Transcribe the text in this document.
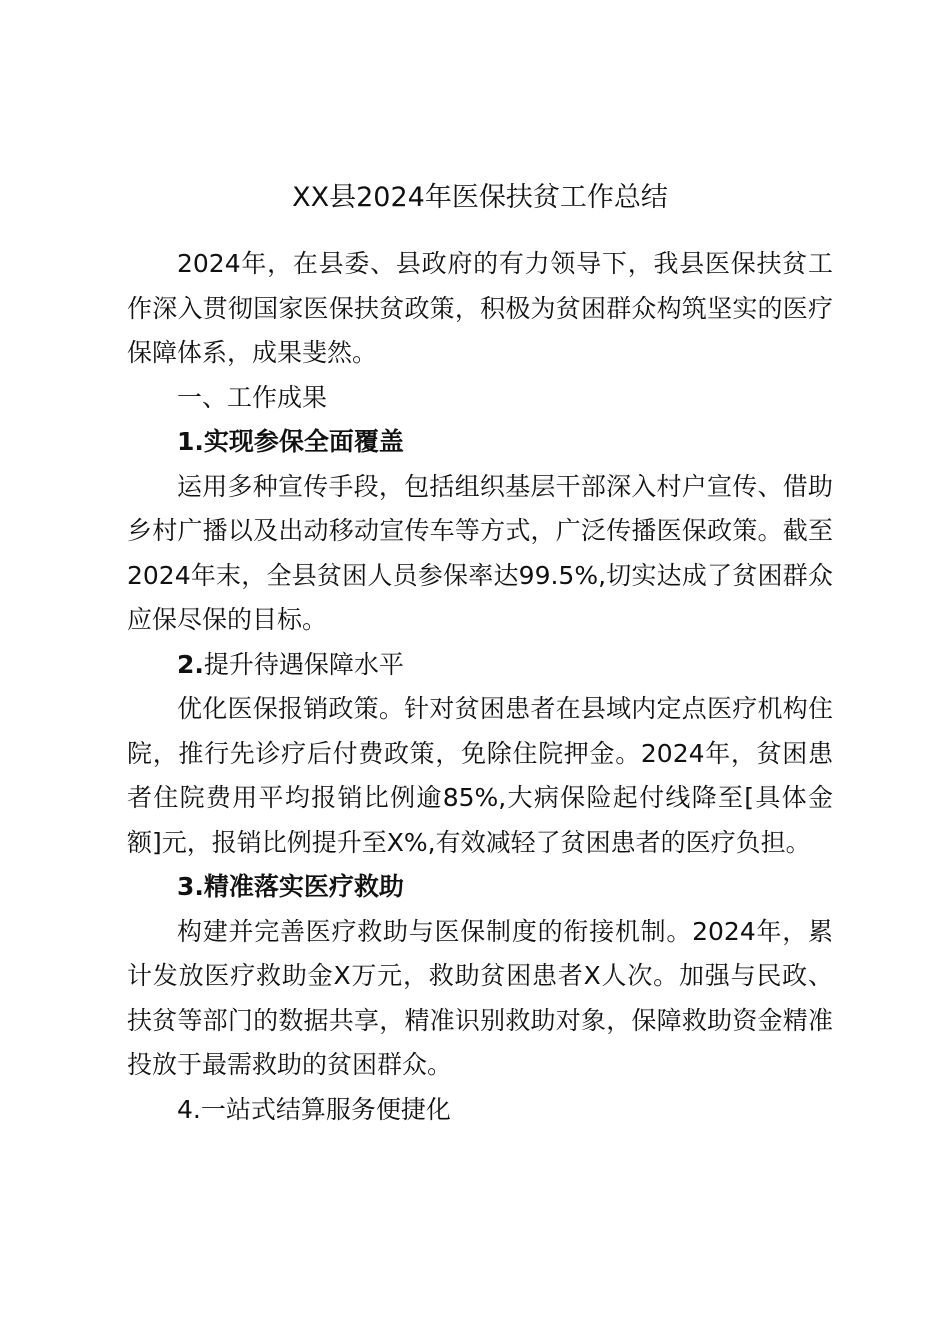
XX县2024年医保扶贫工作总结

2024年，在县委、县政府的有力领导下，我县医保扶贫工作深入贯彻国家医保扶贫政策，积极为贫困群众构筑坚实的医疗保障体系，成果斐然。

一、工作成果

1.实现参保全面覆盖

运用多种宣传手段，包括组织基层干部深入村户宣传、借助乡村广播以及出动移动宣传车等方式，广泛传播医保政策。截至2024年末，全县贫困人员参保率达99.5%,切实达成了贫困群众应保尽保的目标。

2.提升待遇保障水平

优化医保报销政策。针对贫困患者在县域内定点医疗机构住院，推行先诊疗后付费政策，免除住院押金。2024年，贫困患者住院费用平均报销比例逾85%,大病保险起付线降至[具体金额]元，报销比例提升至X%,有效减轻了贫困患者的医疗负担。

3.精准落实医疗救助

构建并完善医疗救助与医保制度的衔接机制。2024年，累计发放医疗救助金X万元，救助贫困患者X人次。加强与民政、扶贫等部门的数据共享，精准识别救助对象，保障救助资金精准投放于最需救助的贫困群众。

4.一站式结算服务便捷化
